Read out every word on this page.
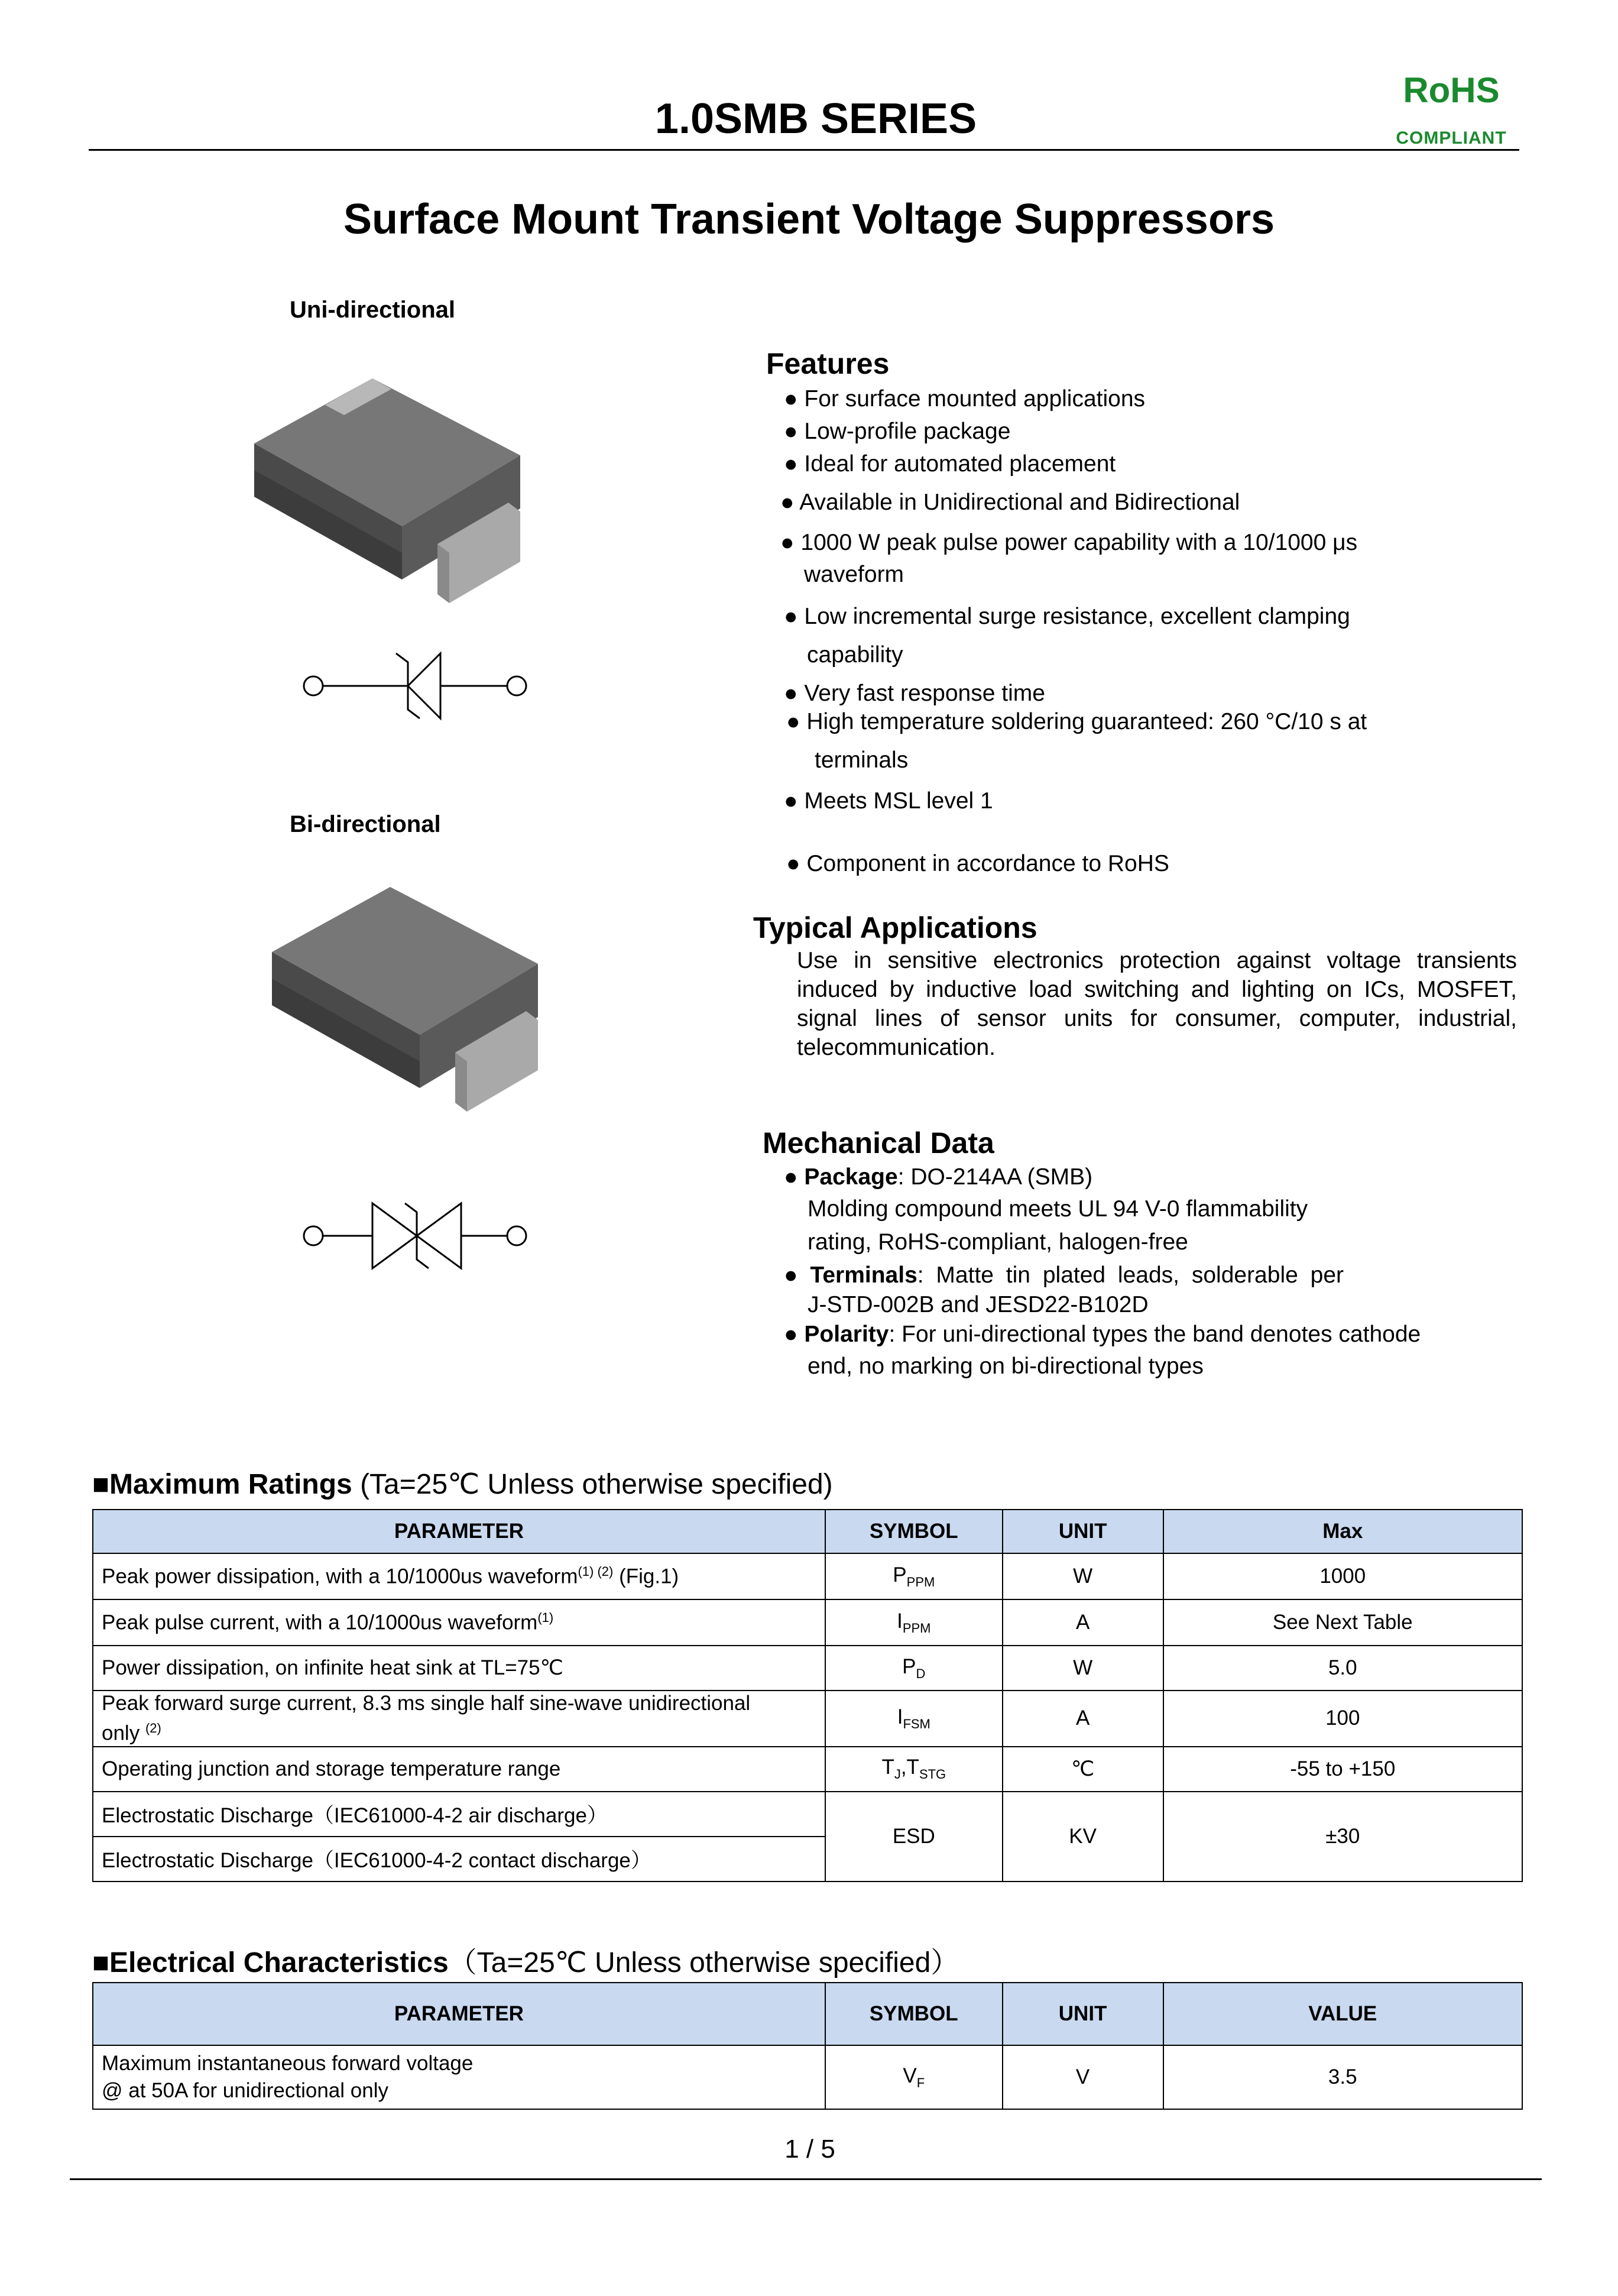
1.0SMB SERIES
RoHS
COMPLIANT
Surface Mount Transient Voltage Suppressors
Uni-directional
Bi-directional
Features
● For surface mounted applications
● Low-profile package
● Ideal for automated placement
● Available in Unidirectional and Bidirectional
● 1000 W peak pulse power capability with a 10/1000 μs
waveform
● Low incremental surge resistance, excellent clamping
capability
● Very fast response time
● High temperature soldering guaranteed: 260 °C/10 s at
terminals
● Meets MSL level 1
● Component in accordance to RoHS
Typical Applications
Use in sensitive electronics protection against voltage transients induced by inductive load switching and lighting on ICs, MOSFET, signal lines of sensor units for consumer, computer, industrial, telecommunication.
Mechanical Data
● Package: DO-214AA (SMB)
Molding compound meets UL 94 V-0 flammability
rating, RoHS-compliant, halogen-free
● Terminals: Matte tin plated leads, solderable per
J-STD-002B and JESD22-B102D
● Polarity: For uni-directional types the band denotes cathode
end, no marking on bi-directional types
■Maximum Ratings (Ta=25℃ Unless otherwise specified)
PARAMETER	SYMBOL	UNIT	Max
Peak power dissipation, with a 10/1000us waveform$^{(1) (2)}$ (Fig.1)	$P_{PPM}$	W	1000
Peak pulse current, with a 10/1000us waveform$^{(1)}$	$I_{PPM}$	A	See Next Table
Power dissipation, on infinite heat sink at TL=75℃	$P_D$	W	5.0
Peak forward surge current, 8.3 ms single half sine-wave unidirectional
only $^{(2)}$	$I_{FSM}$	A	100
Operating junction and storage temperature range	$T_J,T_{STG}$	℃	-55 to +150
Electrostatic Discharge（IEC61000-4-2 air discharge）	ESD	KV	±30
Electrostatic Discharge（IEC61000-4-2 contact discharge）			
■Electrical Characteristics（Ta=25℃ Unless otherwise specified）
PARAMETER	SYMBOL	UNIT	VALUE
Maximum instantaneous forward voltage
@ at 50A for unidirectional only	$V_F$	V	3.5
1 / 5
